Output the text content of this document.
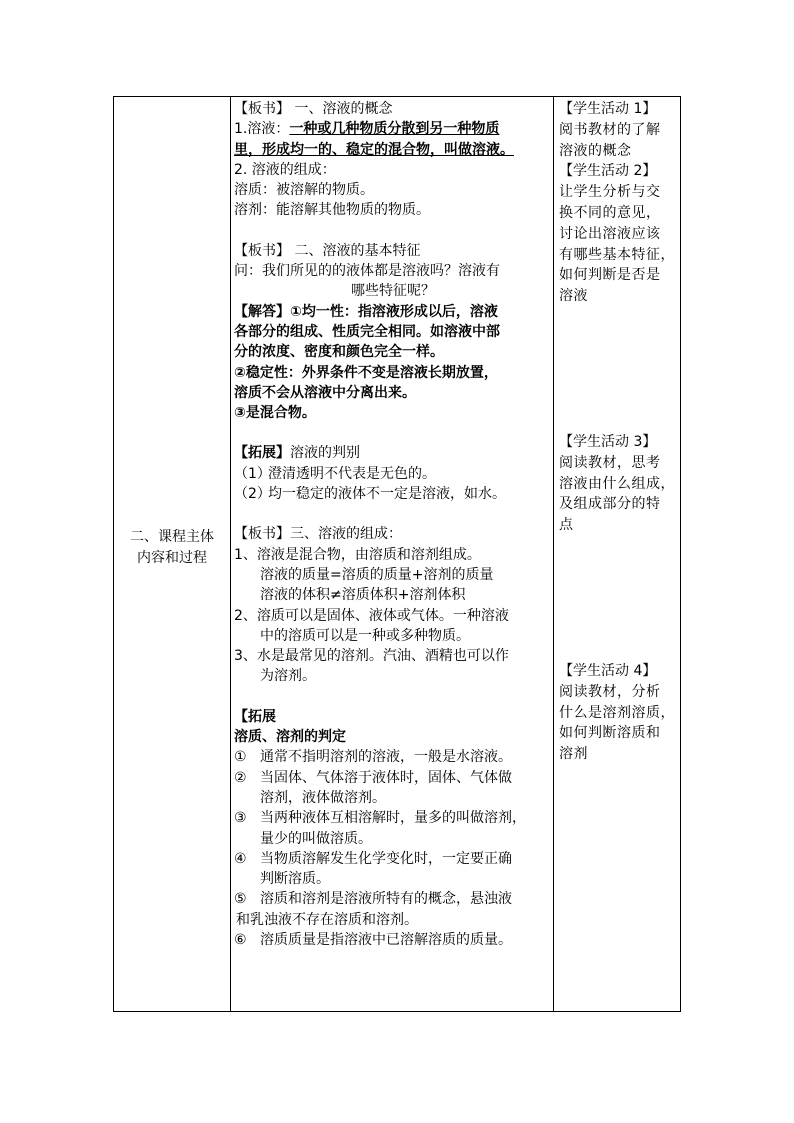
二、课程主体
内容和过程
【板书】 一、溶液的概念
1.溶液：一种或几种物质分散到另一种物质
里，形成均一的、稳定的混合物，叫做溶液。
2. 溶液的组成：
溶质：被溶解的物质。
溶剂：能溶解其他物质的物质。
【板书】 二、溶液的基本特征
问：我们所见的的液体都是溶液吗？溶液有
哪些特征呢？
【解答】①均一性：指溶液形成以后，溶液
各部分的组成、性质完全相同。如溶液中部
分的浓度、密度和颜色完全一样。
②稳定性：外界条件不变是溶液长期放置，
溶质不会从溶液中分离出来。
③是混合物。
【拓展】溶液的判别
（1）
澄清透明不代表是无色的。
（2）
均一稳定的液体不一定是溶液，如水。
【板书】三、溶液的组成：
1、溶液是混合物，由溶质和溶剂组成。
溶液的质量=溶质的质量+溶剂的质量
溶液的体积≠溶质体积+溶剂体积
2、溶质可以是固体、液体或气体。一种溶液
中的溶质可以是一种或多种物质。
3、水是最常见的溶剂。汽油、酒精也可以作
为溶剂。
【拓展
溶质、溶剂的判定
① 通常不指明溶剂的溶液，一般是水溶液。
② 当固体、气体溶于液体时，固体、气体做
溶剂，液体做溶剂。
③ 当两种液体互相溶解时，量多的叫做溶剂，
量少的叫做溶质。
④ 当物质溶解发生化学变化时，一定要正确
判断溶质。
⑤ 溶质和溶剂是溶液所特有的概念，悬浊液
和乳浊液不存在溶质和溶剂。
⑥ 溶质质量是指溶液中已溶解溶质的质量。
【学生活动 1】
阅书教材的了解
溶液的概念
【学生活动 2】
让学生分析与交
换不同的意见，
讨论出溶液应该
有哪些基本特征，
如何判断是否是
溶液
【学生活动 3】
阅读教材，思考
溶液由什么组成，
及组成部分的特
点
【学生活动 4】
阅读教材，分析
什么是溶剂溶质，
如何判断溶质和
溶剂
